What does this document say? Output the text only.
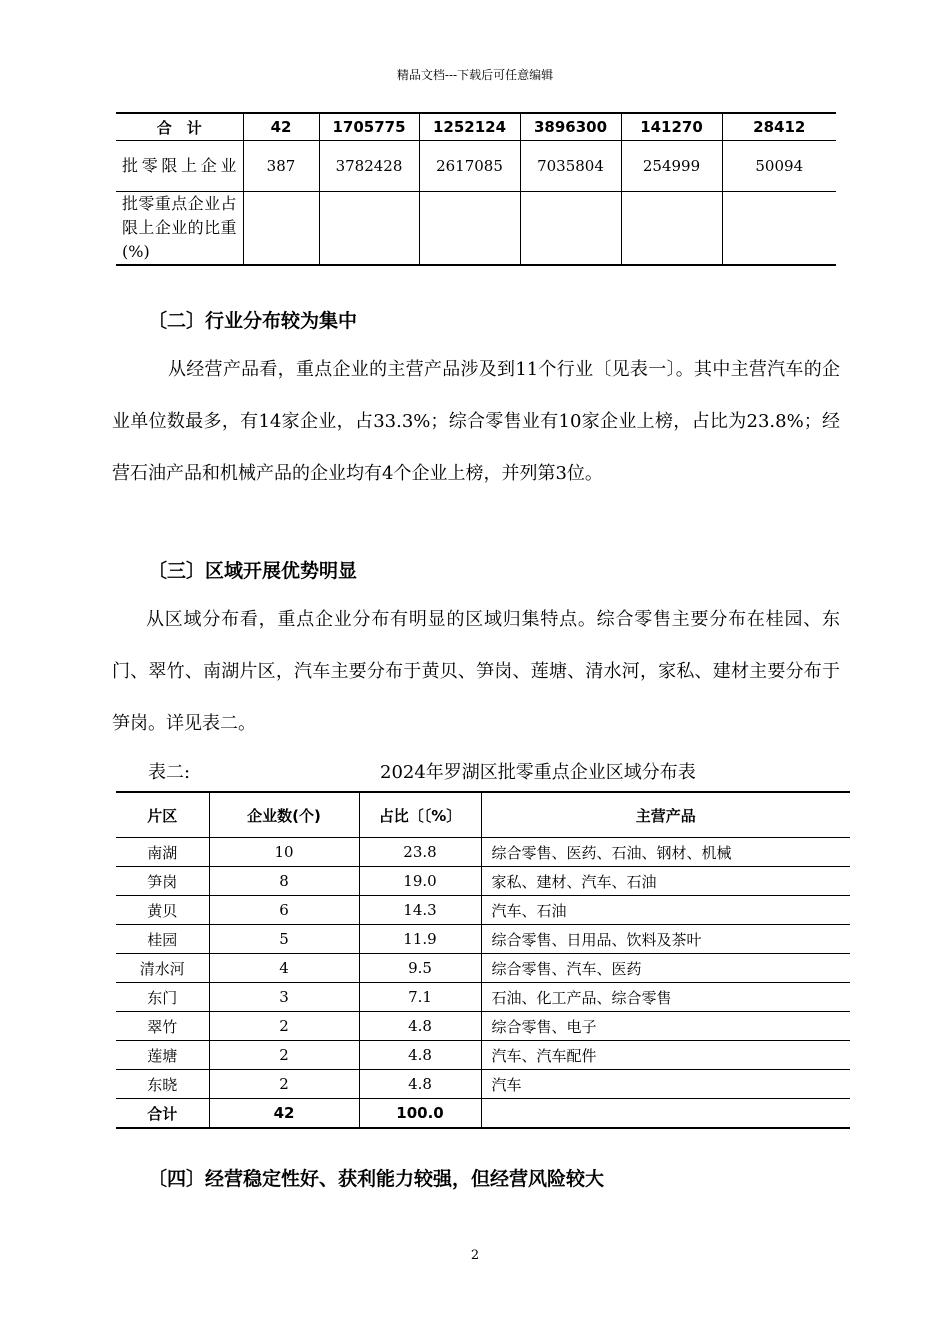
精品文档---下载后可任意编辑
合　计	42	1705775	1252124	3896300	141270	28412
批零限上企业	387	3782428	2617085	7035804	254999	50094
批零重点企业占限上企业的比重(%)						
〔二〕行业分布较为集中
从经营产品看，重点企业的主营产品涉及到11个行业〔见表一〕。其中主营汽车的企业单位数最多，有14家企业，占33.3%；综合零售业有10家企业上榜，占比为23.8%；经营石油产品和机械产品的企业均有4个企业上榜，并列第3位。
〔三〕区域开展优势明显
从区域分布看，重点企业分布有明显的区域归集特点。综合零售主要分布在桂园、东门、翠竹、南湖片区，汽车主要分布于黄贝、笋岗、莲塘、清水河，家私、建材主要分布于笋岗。详见表二。
表二:	2024年罗湖区批零重点企业区域分布表
片区	企业数(个)	占比〔〔%〕	主营产品
南湖	10	23.8	综合零售、医药、石油、钢材、机械
笋岗	8	19.0	家私、建材、汽车、石油
黄贝	6	14.3	汽车、石油
桂园	5	11.9	综合零售、日用品、饮料及茶叶
清水河	4	9.5	综合零售、汽车、医药
东门	3	7.1	石油、化工产品、综合零售
翠竹	2	4.8	综合零售、电子
莲塘	2	4.8	汽车、汽车配件
东晓	2	4.8	汽车
合计	42	100.0	
〔四〕经营稳定性好、获利能力较强，但经营风险较大
2
